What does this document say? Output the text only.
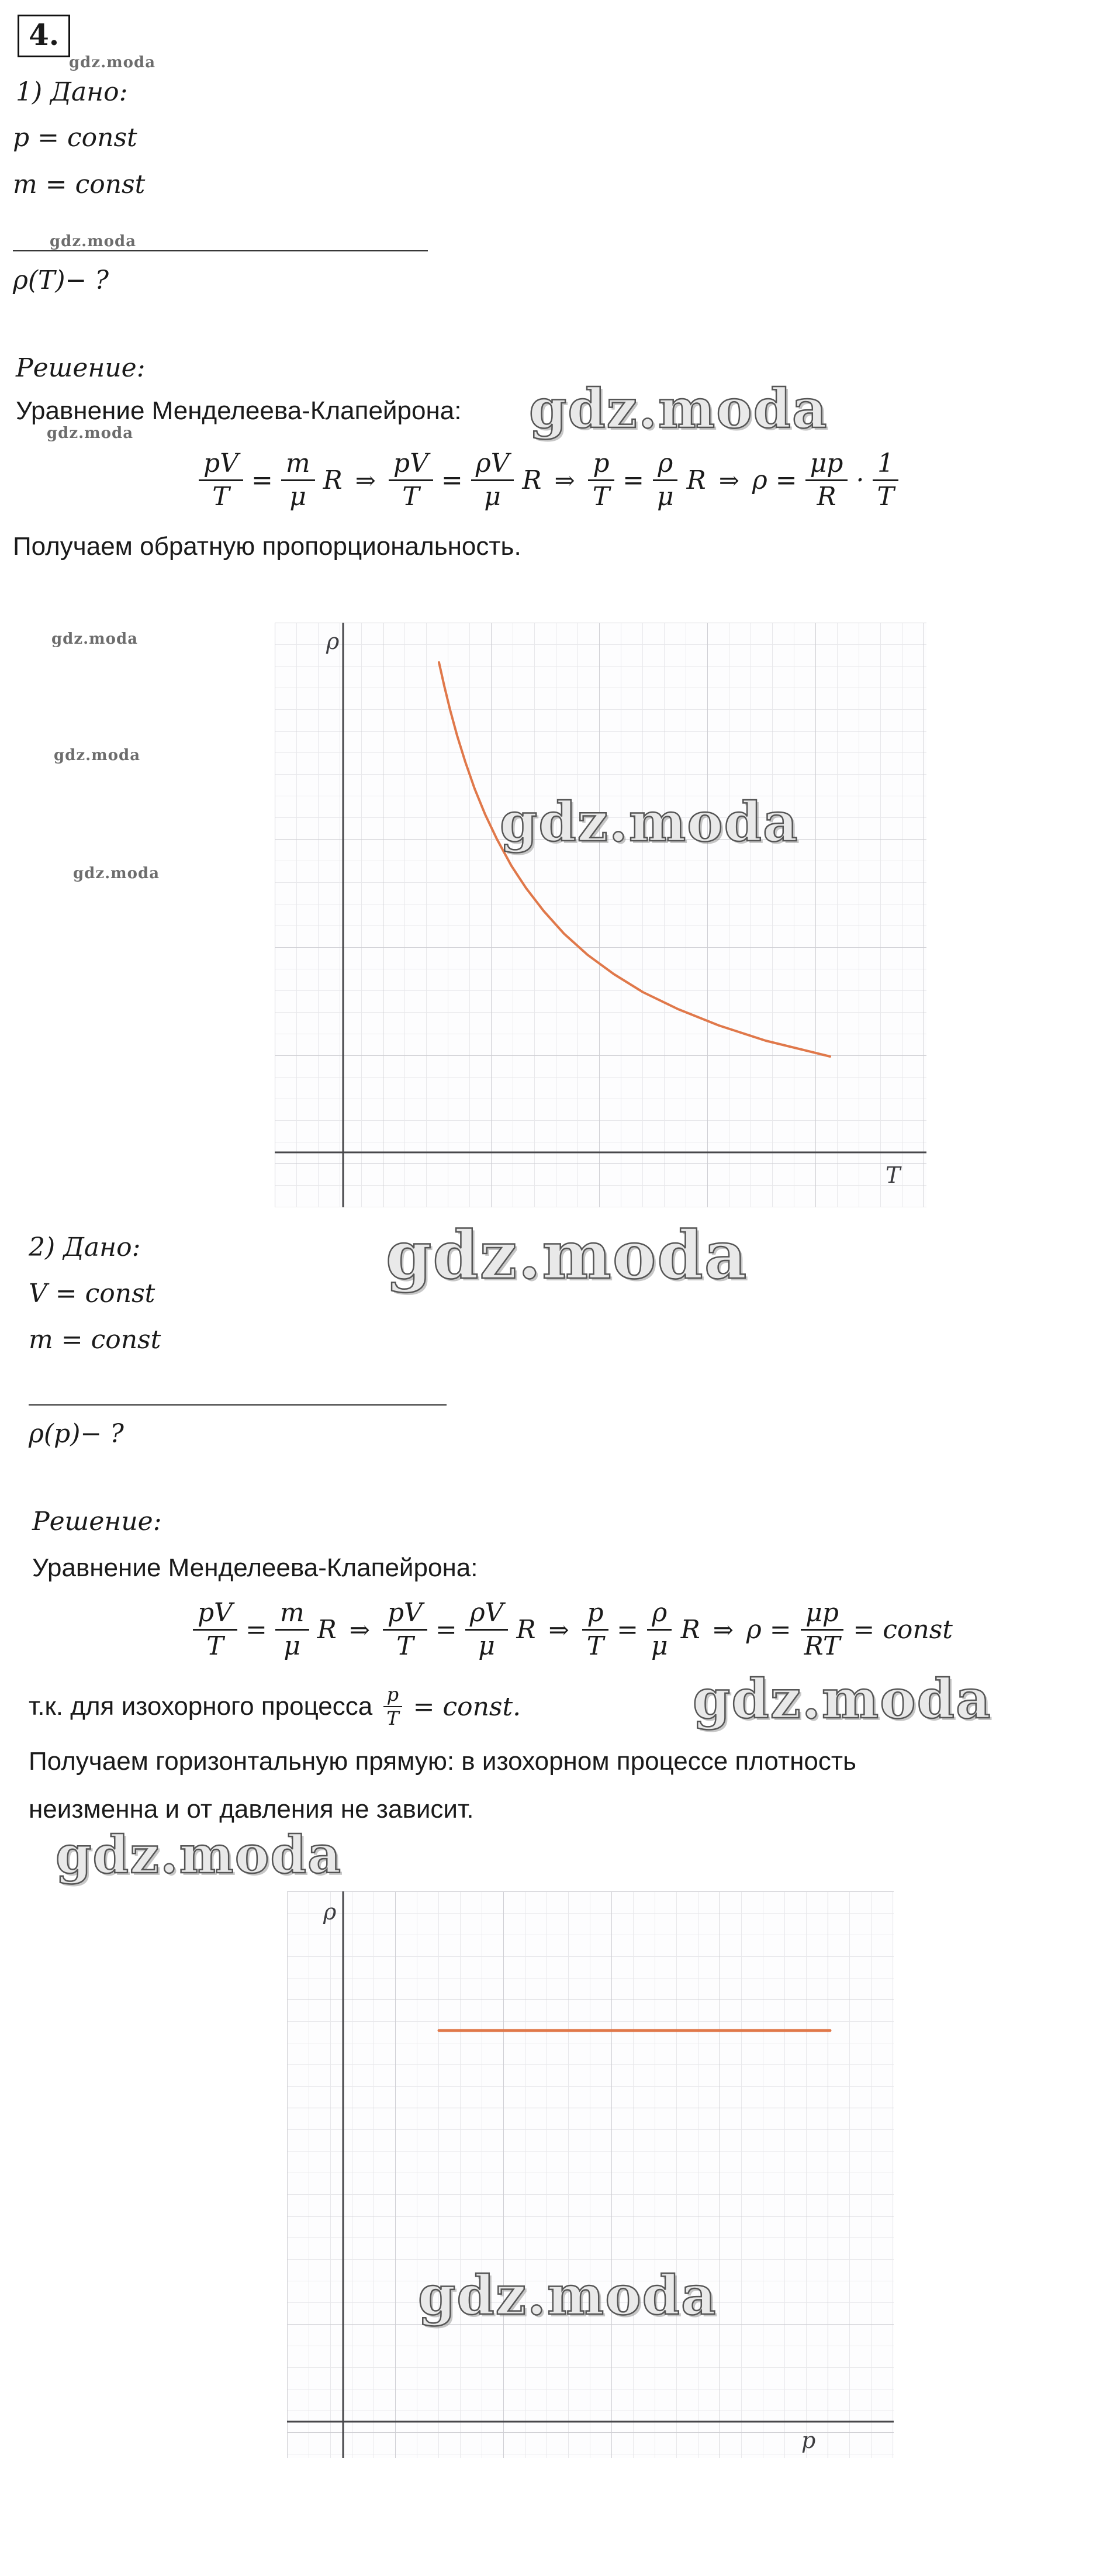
4.
1) Дано:
p = const
m = const
ρ(T)− ?
Решение:
Уравнение Менделеева-Клапейрона:
$\frac{pV}{T} = \frac{m}{\mu}$ R ⇒ $\frac{pV}{T} = \frac{\rho V}{\mu}$ R ⇒ $\frac{p}{T} = \frac{\rho}{\mu}$ R ⇒ $\rho = \frac{\mu p}{R} \cdot \frac{1}{T}$
Получаем обратную пропорциональность.
ρ
T
2) Дано:
V = const
m = const
ρ(p)− ?
Решение:
Уравнение Менделеева-Клапейрона:
$\frac{pV}{T} = \frac{m}{\mu}$ R ⇒ $\frac{pV}{T} = \frac{\rho V}{\mu}$ R ⇒ $\frac{p}{T} = \frac{\rho}{\mu}$ R ⇒ $\rho = \frac{\mu p}{RT}$ = const
т.к. для изохорного процесса $\frac{p}{T}$ = const.
Получаем горизонтальную прямую: в изохорном процессе плотность
неизменна и от давления не зависит.
ρ
p
gdz.moda
gdz.moda
gdz.moda
gdz.moda
gdz.moda
gdz.moda
gdz.moda
gdz.moda
gdz.moda
gdz.moda
gdz.moda
gdz.moda
